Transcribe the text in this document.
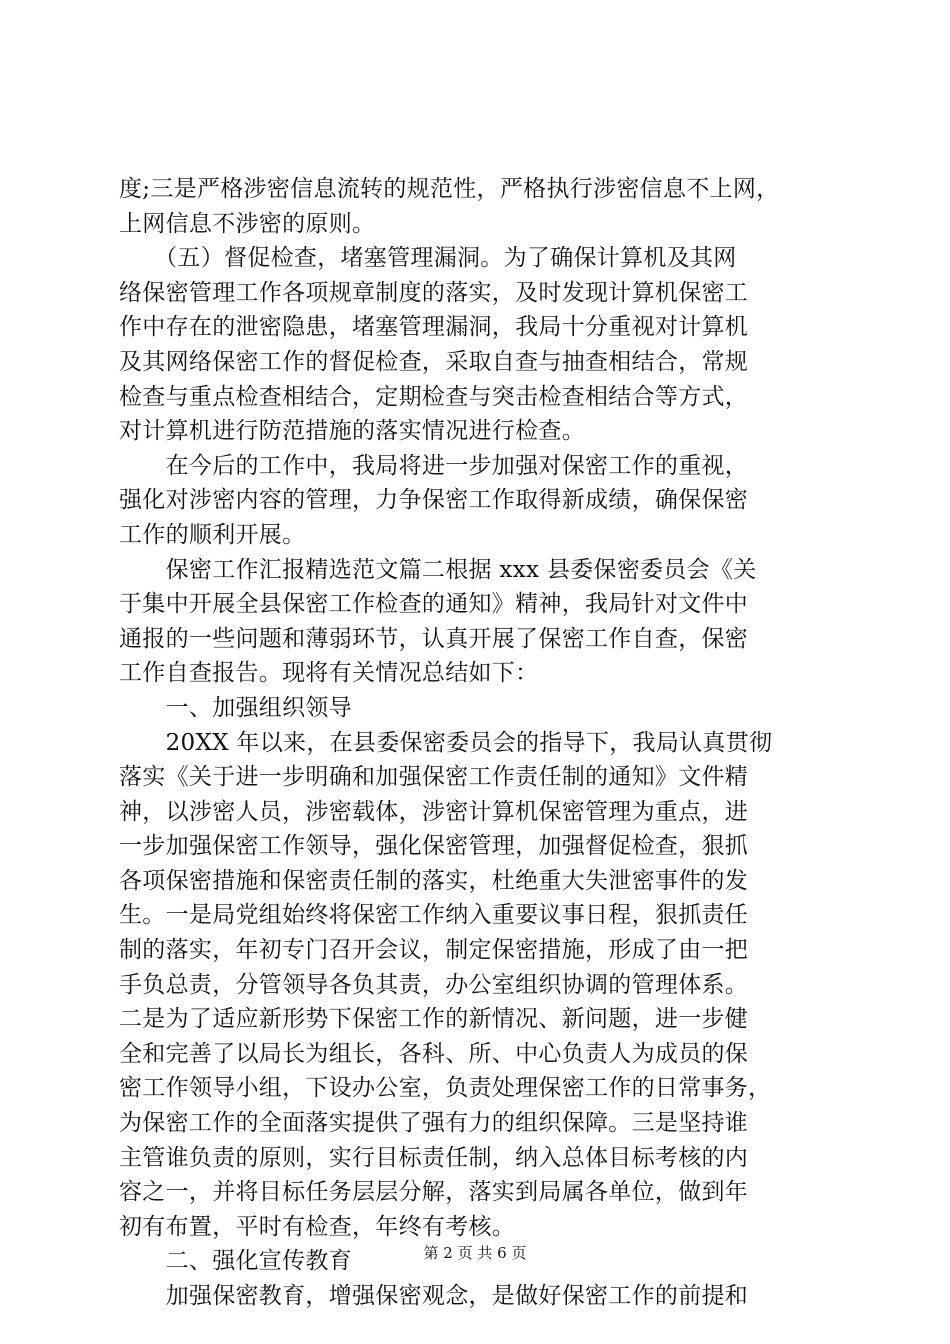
度;三是严格涉密信息流转的规范性，严格执行涉密信息不上网，
上网信息不涉密的原则。
　　（五）督促检查，堵塞管理漏洞。为了确保计算机及其网
络保密管理工作各项规章制度的落实，及时发现计算机保密工
作中存在的泄密隐患，堵塞管理漏洞，我局十分重视对计算机
及其网络保密工作的督促检查，采取自查与抽查相结合，常规
检查与重点检查相结合，定期检查与突击检查相结合等方式，
对计算机进行防范措施的落实情况进行检查。
　　在今后的工作中，我局将进一步加强对保密工作的重视，
强化对涉密内容的管理，力争保密工作取得新成绩，确保保密
工作的顺利开展。
　　保密工作汇报精选范文篇二根据 xxx 县委保密委员会《关
于集中开展全县保密工作检查的通知》精神，我局针对文件中
通报的一些问题和薄弱环节，认真开展了保密工作自查，保密
工作自查报告。现将有关情况总结如下：
　　一、加强组织领导
　　20XX 年以来，在县委保密委员会的指导下，我局认真贯彻
落实《关于进一步明确和加强保密工作责任制的通知》文件精
神，以涉密人员，涉密载体，涉密计算机保密管理为重点，进
一步加强保密工作领导，强化保密管理，加强督促检查，狠抓
各项保密措施和保密责任制的落实，杜绝重大失泄密事件的发
生。一是局党组始终将保密工作纳入重要议事日程，狠抓责任
制的落实，年初专门召开会议，制定保密措施，形成了由一把
手负总责，分管领导各负其责，办公室组织协调的管理体系。
二是为了适应新形势下保密工作的新情况、新问题，进一步健
全和完善了以局长为组长，各科、所、中心负责人为成员的保
密工作领导小组，下设办公室，负责处理保密工作的日常事务，
为保密工作的全面落实提供了强有力的组织保障。三是坚持谁
主管谁负责的原则，实行目标责任制，纳入总体目标考核的内
容之一，并将目标任务层层分解，落实到局属各单位，做到年
初有布置，平时有检查，年终有考核。
　　二、强化宣传教育
　　加强保密教育，增强保密观念，是做好保密工作的前提和
第 2 页 共 6 页
